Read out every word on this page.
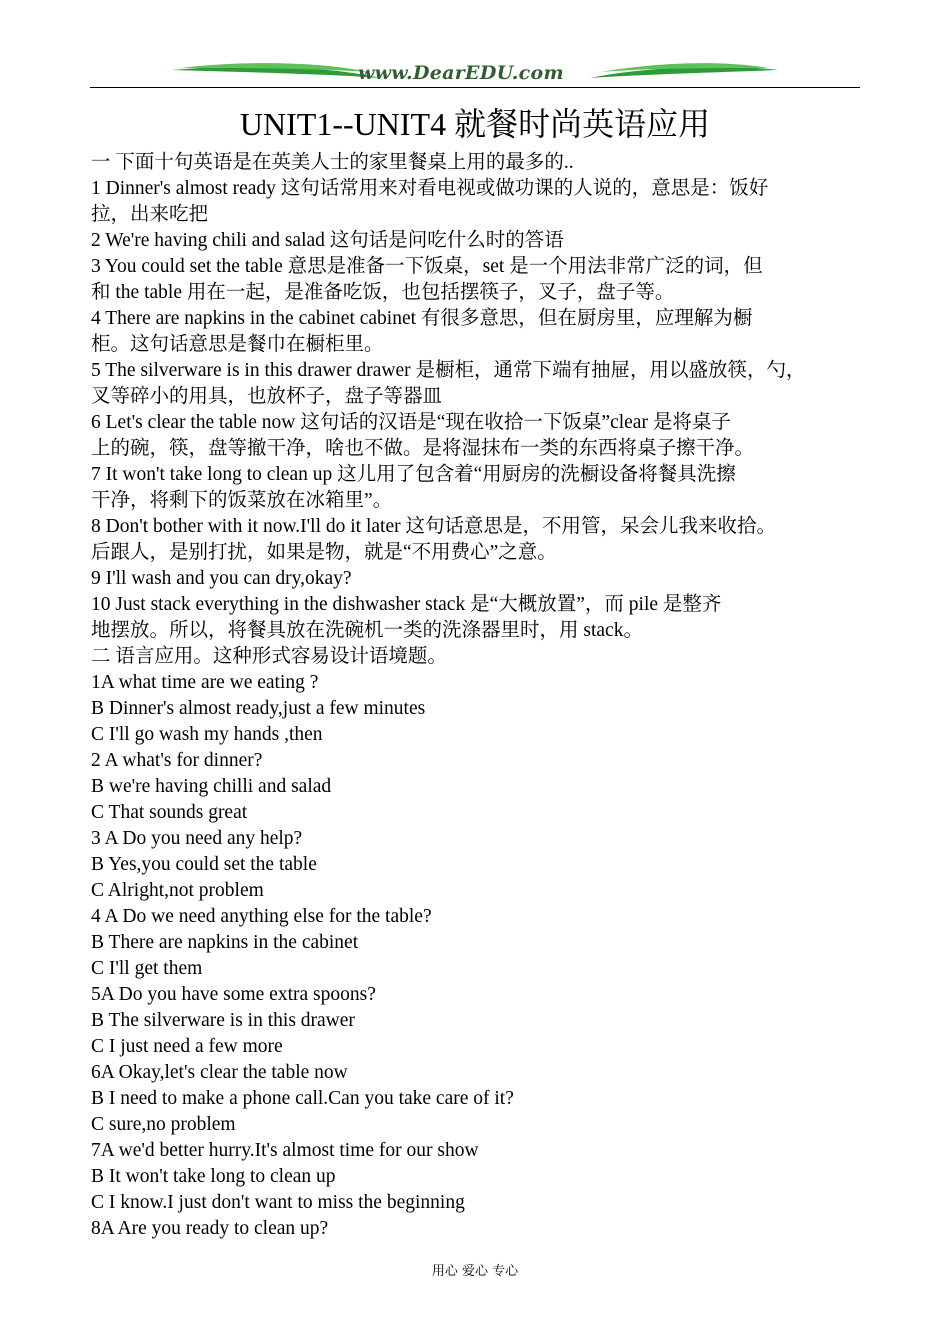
www.DearEDU.com
UNIT1--UNIT4 就餐时尚英语应用

一 下面十句英语是在英美人士的家里餐桌上用的最多的..

1 Dinner's almost ready 这句话常用来对看电视或做功课的人说的，意思是：饭好

拉，出来吃把

2 We're having chili and salad 这句话是问吃什么时的答语

3 You could set the table 意思是准备一下饭桌，set 是一个用法非常广泛的词，但

和 the table 用在一起，是准备吃饭，也包括摆筷子，叉子，盘子等。

4 There are napkins in the cabinet cabinet 有很多意思，但在厨房里，应理解为橱

柜。这句话意思是餐巾在橱柜里。

5 The silverware is in this drawer drawer 是橱柜，通常下端有抽屉，用以盛放筷，勺，

叉等碎小的用具，也放杯子，盘子等器皿

6 Let's clear the table now 这句话的汉语是“现在收拾一下饭桌”clear 是将桌子

上的碗，筷，盘等撤干净，啥也不做。是将湿抹布一类的东西将桌子擦干净。

7 It won't take long to clean up 这儿用了包含着“用厨房的洗橱设备将餐具洗擦

干净，将剩下的饭菜放在冰箱里”。

8 Don't bother with it now.I'll do it later 这句话意思是，不用管，呆会儿我来收拾。

后跟人，是别打扰，如果是物，就是“不用费心”之意。

9 I'll wash and you can dry,okay?

10 Just stack everything in the dishwasher stack 是“大概放置”，而 pile 是整齐

地摆放。所以，将餐具放在洗碗机一类的洗涤器里时，用 stack。

二 语言应用。这种形式容易设计语境题。

1A what time are we eating ?

B Dinner's almost ready,just a few minutes

C I'll go wash my hands ,then

2 A what's for dinner?

B we're having chilli and salad

C That sounds great

3 A Do you need any help?

B Yes,you could set the table

C Alright,not problem

4 A Do we need anything else for the table?

B There are napkins in the cabinet

C I'll get them

5A Do you have some extra spoons?

B The silverware is in this drawer

C I just need a few more

6A Okay,let's clear the table now

B I need to make a phone call.Can you take care of it?

C sure,no problem

7A we'd better hurry.It's almost time for our show

B It won't take long to clean up

C I know.I just don't want to miss the beginning

8A Are you ready to clean up?

用心 爱心 专心
